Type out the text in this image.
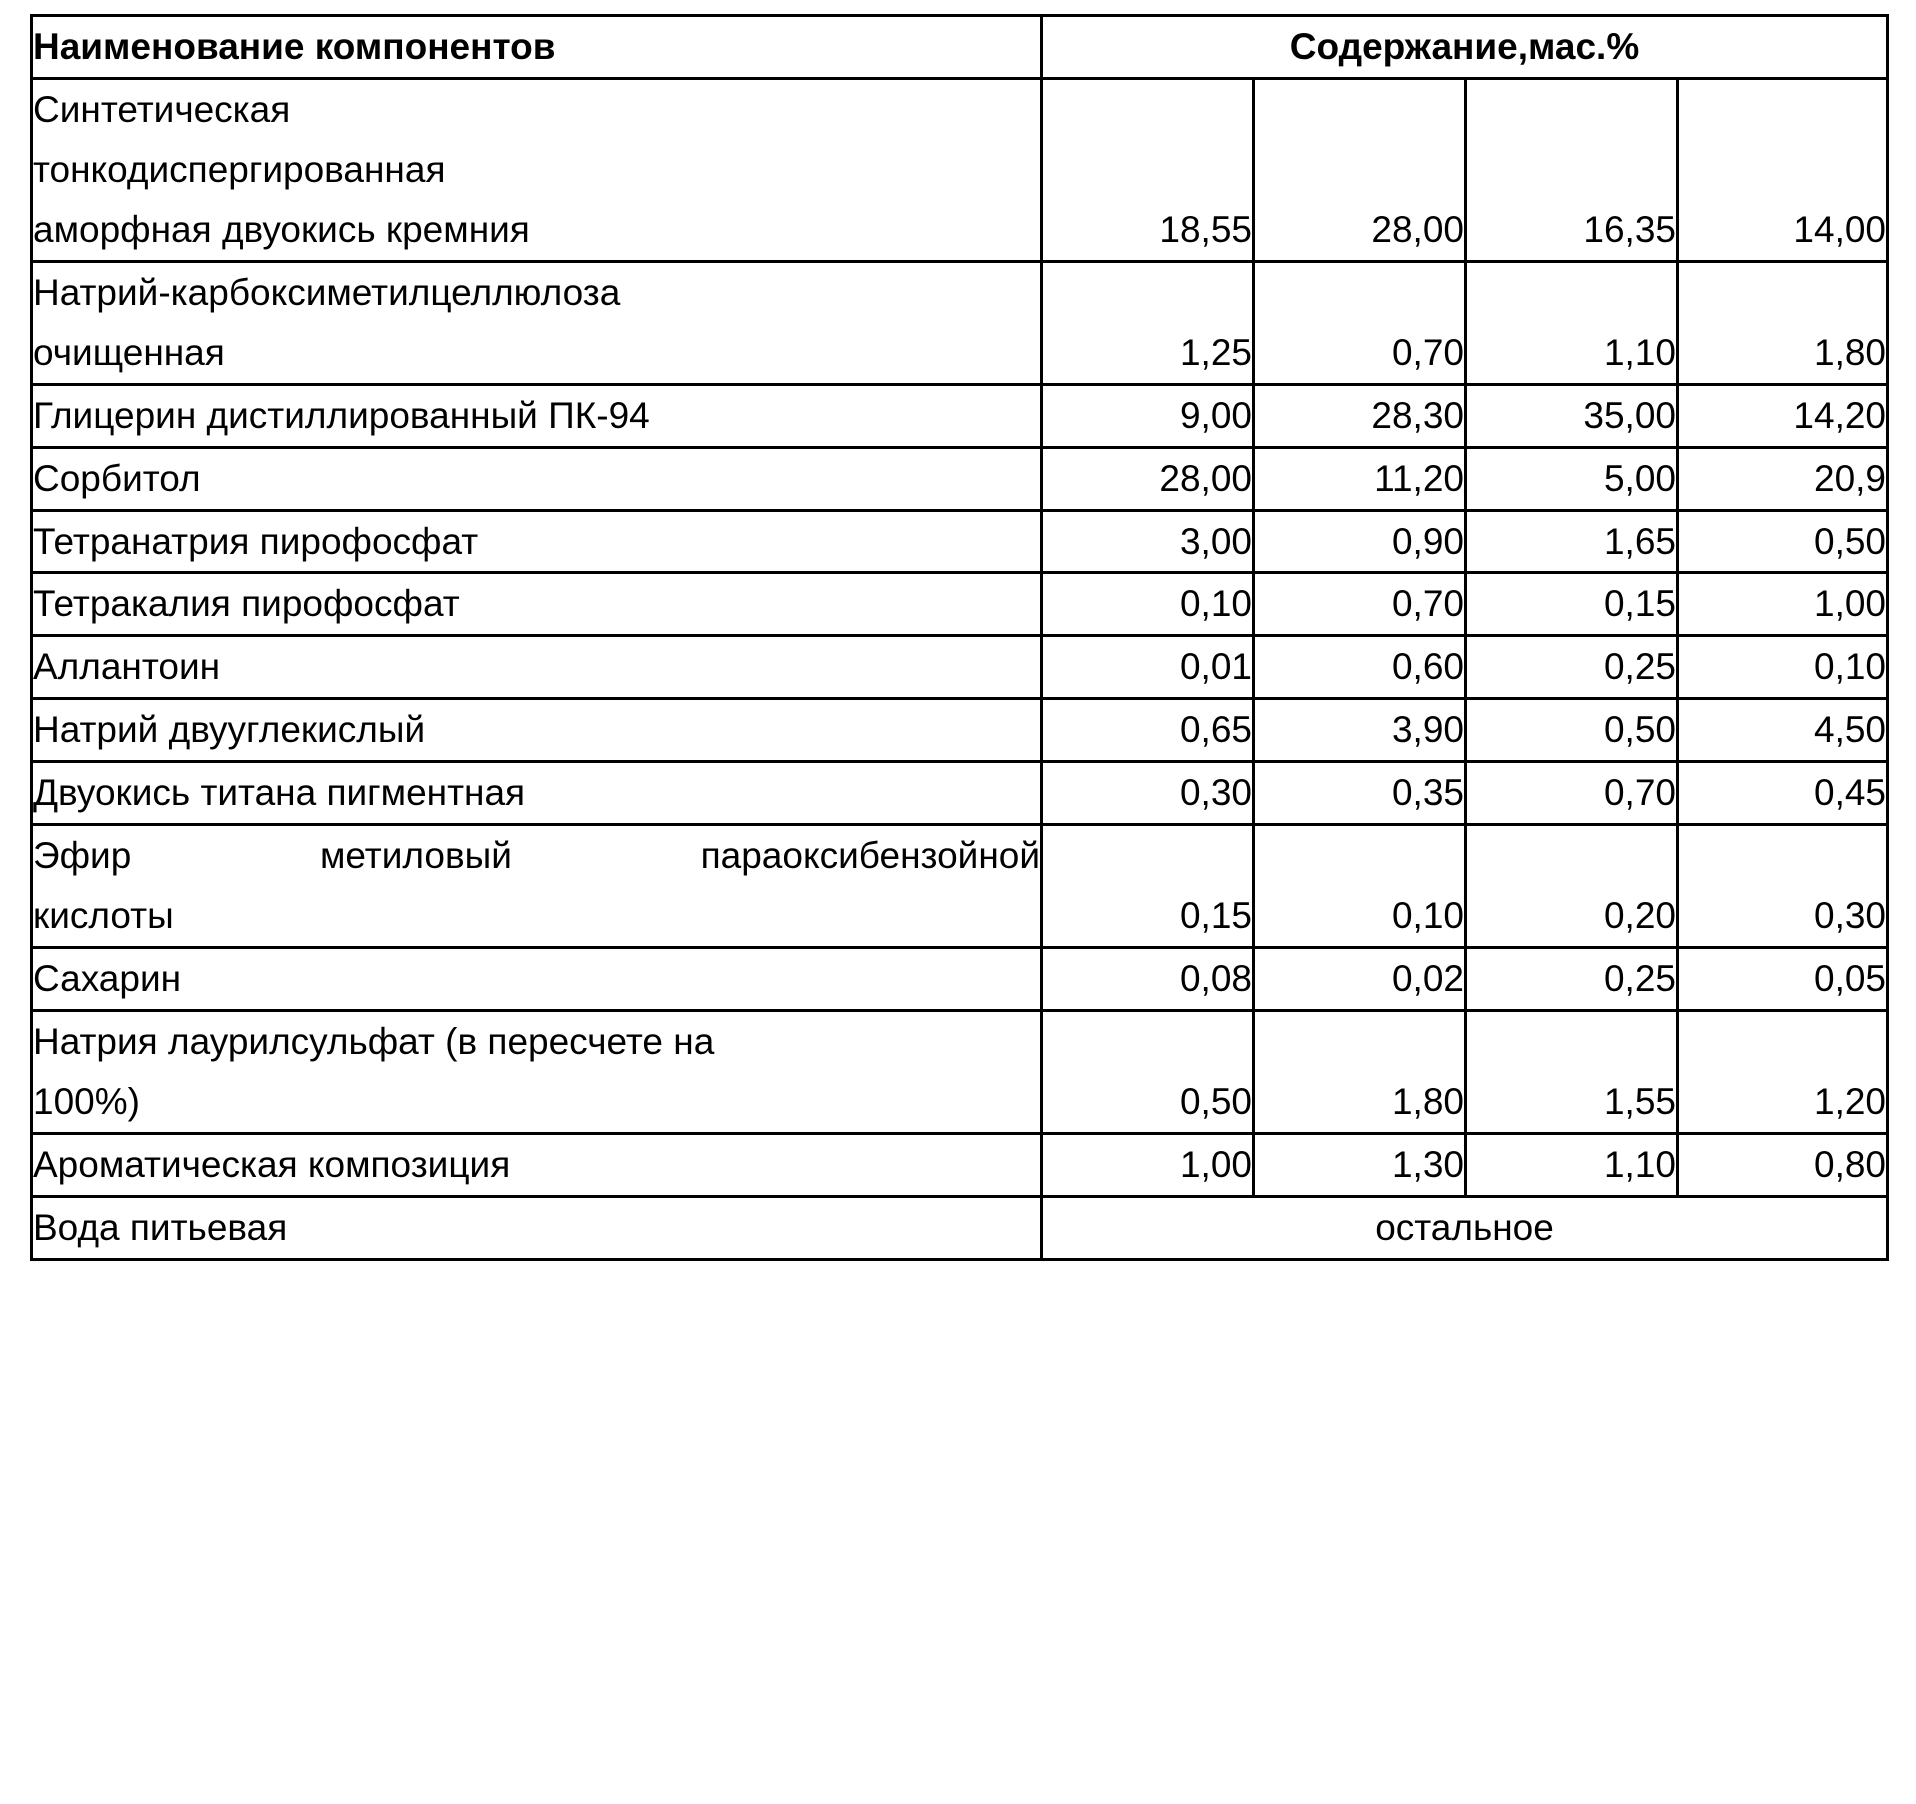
Наименование компонентов	Содержание,мас.%			

Синтетическая
тонкодиспергированная
аморфная двуокись кремния	18,55	28,00	16,35	14,00

Натрий-карбоксиметилцеллюлоза
очищенная	1,25	0,70	1,10	1,80

Глицерин дистиллированный ПК-94	9,00	28,30	35,00	14,20

Сорбитол	28,00	11,20	5,00	20,9

Тетранатрия пирофосфат	3,00	0,90	1,65	0,50

Тетракалия пирофосфат	0,10	0,70	0,15	1,00

Аллантоин	0,01	0,60	0,25	0,10

Натрий двууглекислый	0,65	3,90	0,50	4,50

Двуокись титана пигментная	0,30	0,35	0,70	0,45

Эфир метиловый параоксибензойной
кислоты	0,15	0,10	0,20	0,30

Сахарин	0,08	0,02	0,25	0,05

Натрия лаурилсульфат (в пересчете на
100%)	0,50	1,80	1,55	1,20

Ароматическая композиция	1,00	1,30	1,10	0,80
Вода питьевая	остальное			
